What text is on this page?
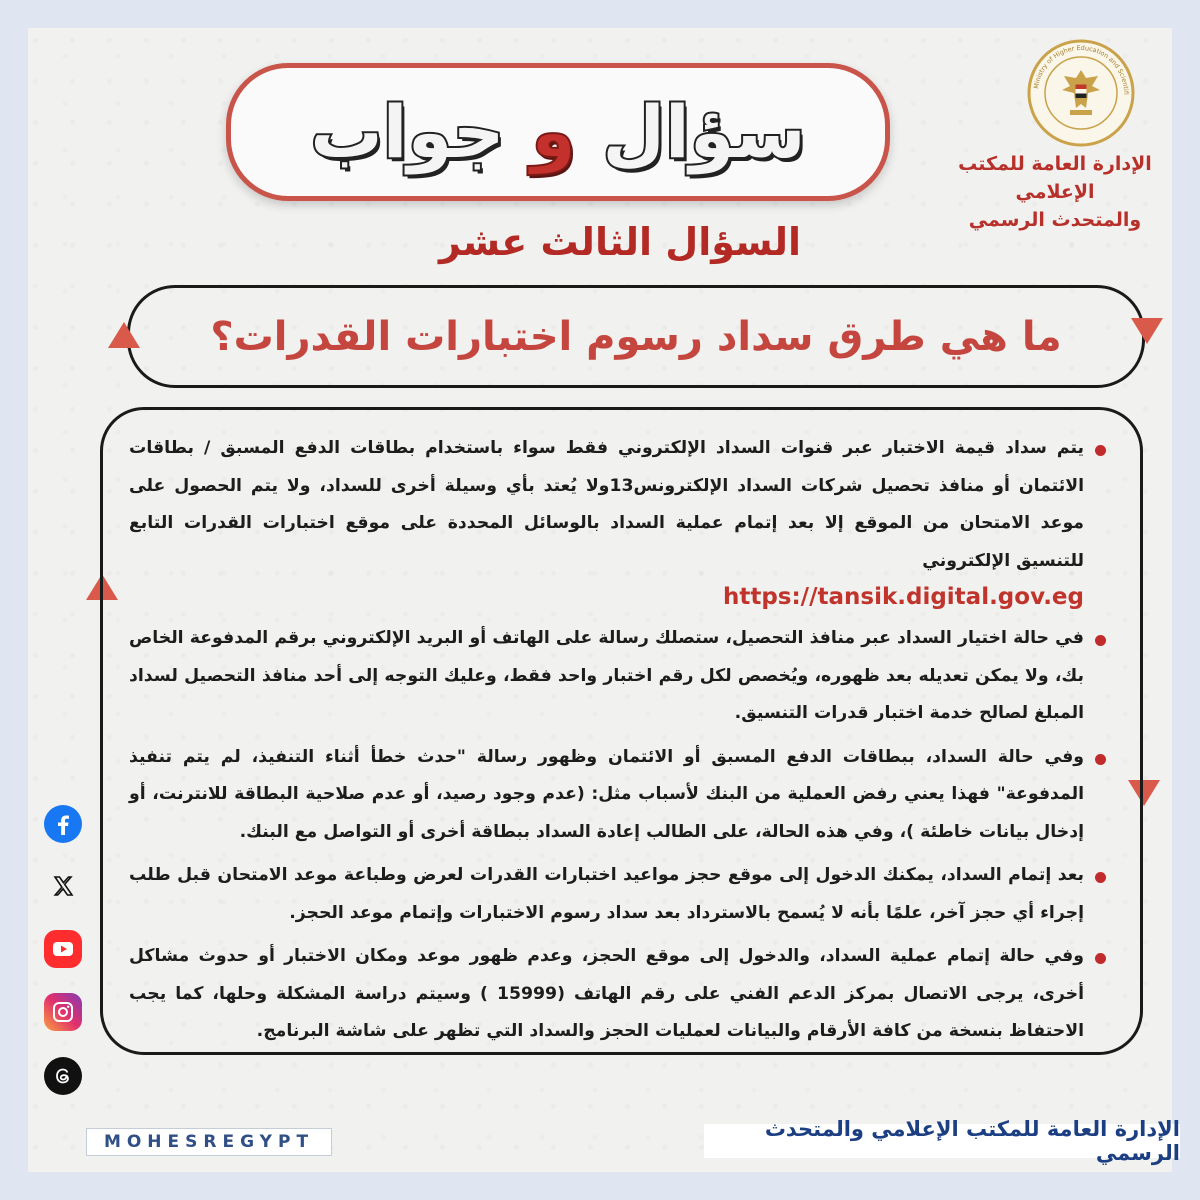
سؤال
و
جواب
Ministry of Higher Education and Scientifi
الإدارة العامة للمكتب الإعلامي
والمتحدث الرسمي
السؤال الثالث عشر
ما هي طرق سداد رسوم اختبارات القدرات؟
يتم سداد قيمة الاختبار عبر قنوات السداد الإلكتروني فقط سواء باستخدام بطاقات الدفع المسبق / بطاقات الائتمان أو منافذ تحصيل شركات السداد الإلكترونس13ولا يُعتد بأي وسيلة أخرى للسداد، ولا يتم الحصول على موعد الامتحان من الموقع إلا بعد إتمام عملية السداد بالوسائل المحددة على موقع اختبارات القدرات التابع للتنسيق الإلكتروني
https://tansik.digital.gov.eg
في حالة اختيار السداد عبر منافذ التحصيل، ستصلك رسالة على الهاتف أو البريد الإلكتروني برقم المدفوعة الخاص بك، ولا يمكن تعديله بعد ظهوره، ويُخصص لكل رقم اختبار واحد فقط، وعليك التوجه إلى أحد منافذ التحصيل لسداد المبلغ لصالح خدمة اختبار قدرات التنسيق.
وفي حالة السداد، ببطاقات الدفع المسبق أو الائتمان وظهور رسالة "حدث خطأ أثناء التنفيذ، لم يتم تنفيذ المدفوعة" فهذا يعني رفض العملية من البنك لأسباب مثل: (عدم وجود رصيد، أو عدم صلاحية البطاقة للانترنت، أو إدخال بيانات خاطئة )، وفي هذه الحالة، على الطالب إعادة السداد ببطاقة أخرى أو التواصل مع البنك.
بعد إتمام السداد، يمكنك الدخول إلى موقع حجز مواعيد اختبارات القدرات لعرض وطباعة موعد الامتحان قبل طلب إجراء أي حجز آخر، علمًا بأنه لا يُسمح بالاسترداد بعد سداد رسوم الاختبارات وإتمام موعد الحجز.
وفي حالة إتمام عملية السداد، والدخول إلى موقع الحجز، وعدم ظهور موعد ومكان الاختبار أو حدوث مشاكل أخرى، يرجى الاتصال بمركز الدعم الفني على رقم الهاتف (15999 ) وسيتم دراسة المشكلة وحلها، كما يجب الاحتفاظ بنسخة من كافة الأرقام والبيانات لعمليات الحجز والسداد التي تظهر على شاشة البرنامج.
MOHESREGYPT
الإدارة العامة للمكتب الإعلامي والمتحدث الرسمي
